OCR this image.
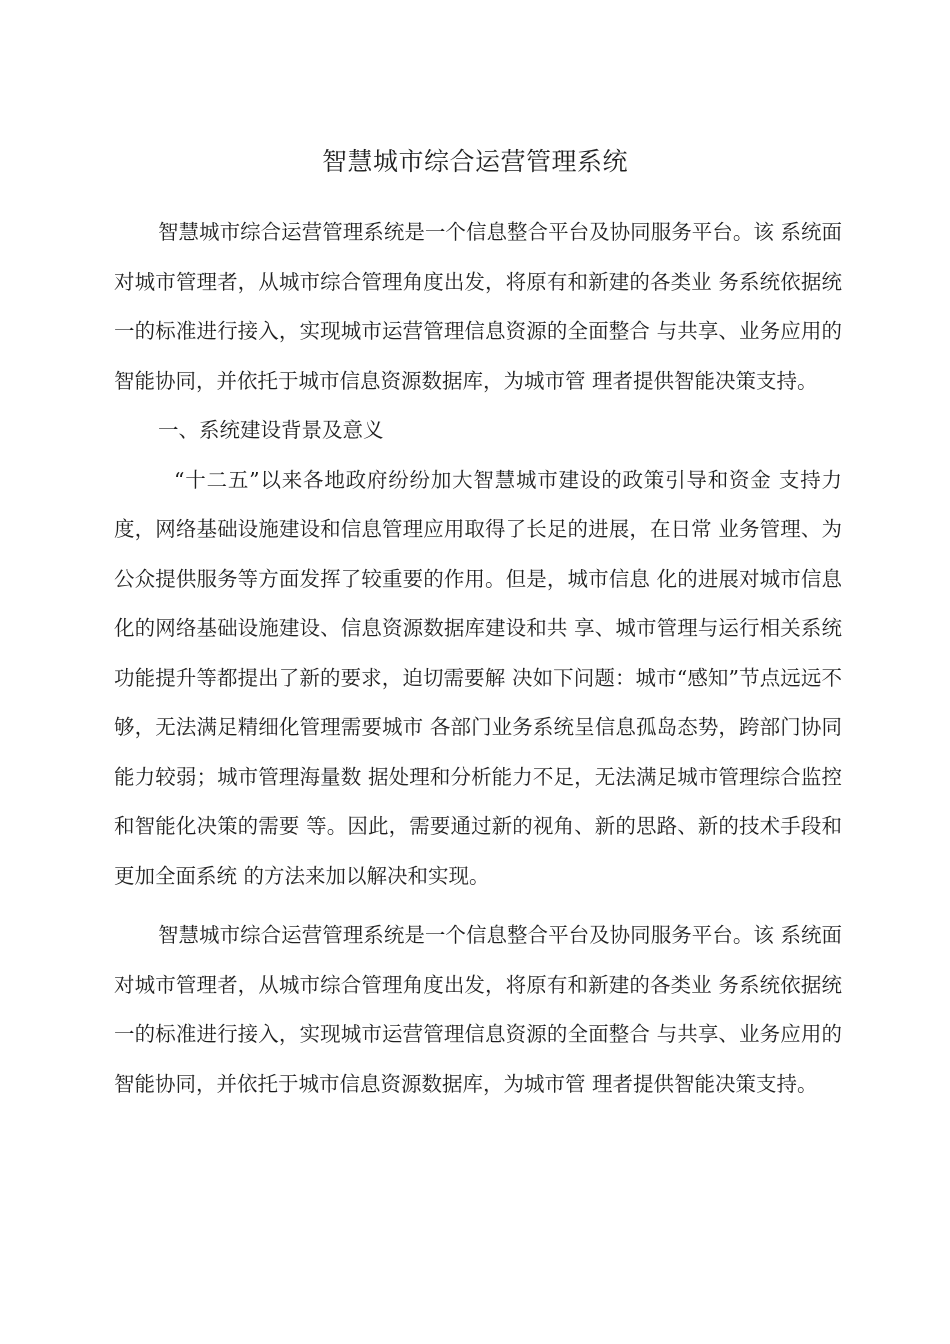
智慧城市综合运营管理系统

智慧城市综合运营管理系统是一个信息整合平台及协同服务平台。该 系统面对城市管理者，从城市综合管理角度出发，将原有和新建的各类业 务系统依据统一的标准进行接入，实现城市运营管理信息资源的全面整合 与共享、业务应用的智能协同，并依托于城市信息资源数据库，为城市管 理者提供智能决策支持。

一、系统建设背景及意义

“十二五”以来各地政府纷纷加大智慧城市建设的政策引导和资金 支持力度，网络基础设施建设和信息管理应用取得了长足的进展，在日常 业务管理、为公众提供服务等方面发挥了较重要的作用。但是，城市信息 化的进展对城市信息化的网络基础设施建设、信息资源数据库建设和共 享、城市管理与运行相关系统功能提升等都提出了新的要求，迫切需要解 决如下问题：城市“感知”节点远远不够，无法满足精细化管理需要城市 各部门业务系统呈信息孤岛态势，跨部门协同能力较弱；城市管理海量数 据处理和分析能力不足，无法满足城市管理综合监控和智能化决策的需要 等。因此，需要通过新的视角、新的思路、新的技术手段和更加全面系统 的方法来加以解决和实现。

智慧城市综合运营管理系统是一个信息整合平台及协同服务平台。该 系统面对城市管理者，从城市综合管理角度出发，将原有和新建的各类业 务系统依据统一的标准进行接入，实现城市运营管理信息资源的全面整合 与共享、业务应用的智能协同，并依托于城市信息资源数据库，为城市管 理者提供智能决策支持。
